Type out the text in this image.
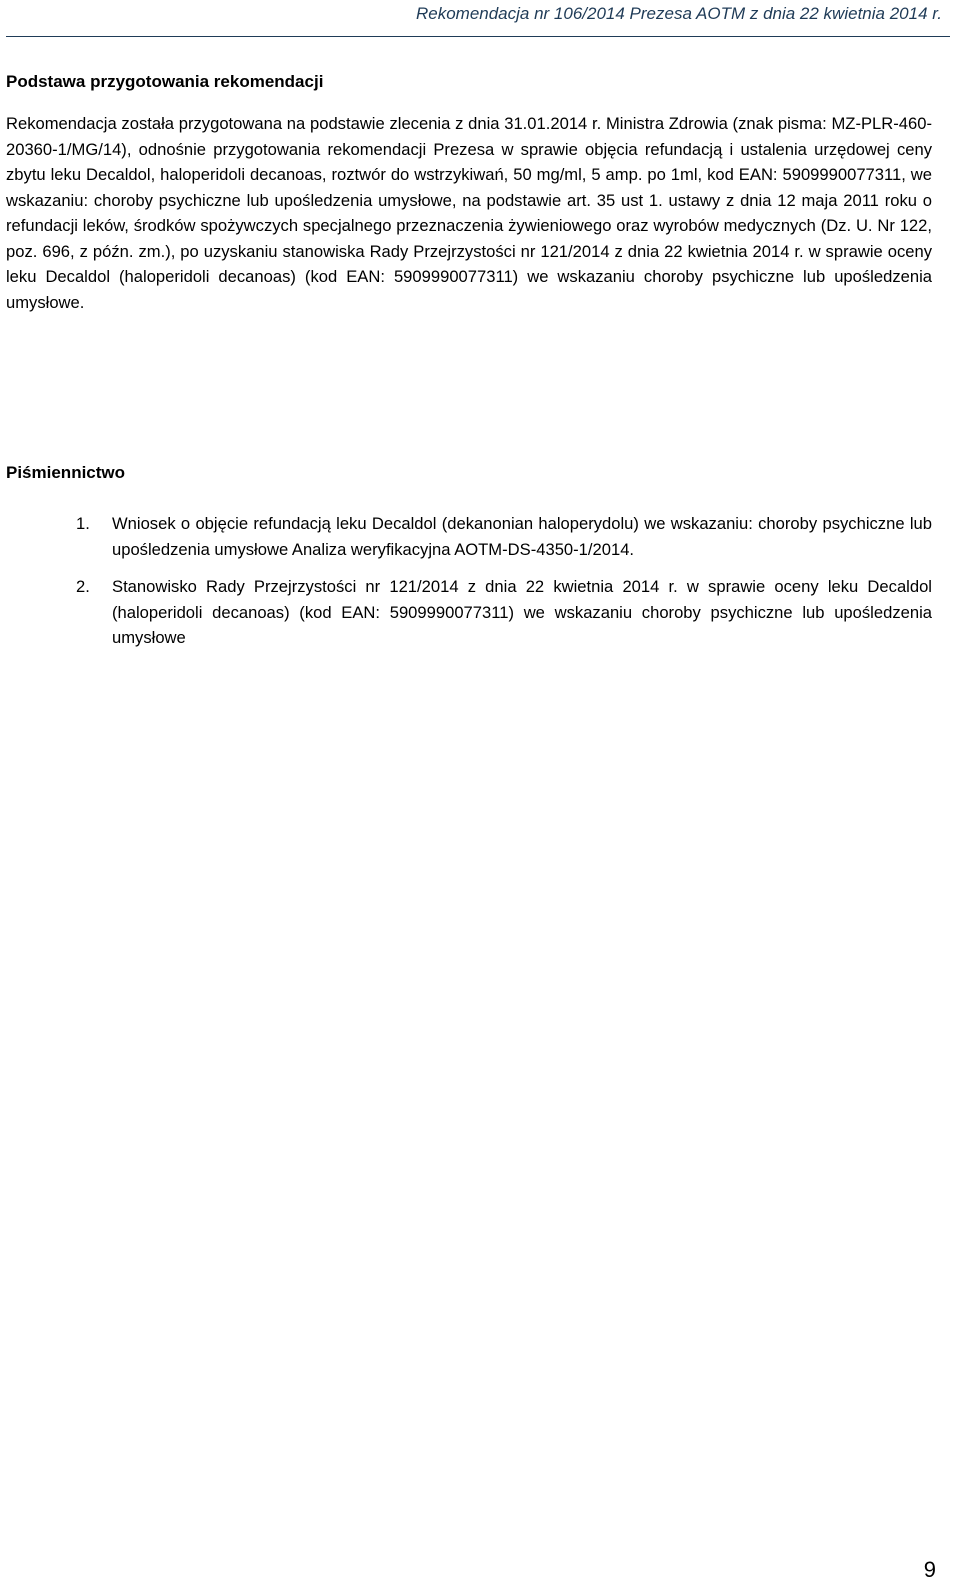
Rekomendacja nr 106/2014 Prezesa AOTM z dnia 22 kwietnia 2014 r.
Podstawa przygotowania rekomendacji

Rekomendacja została przygotowana na podstawie zlecenia z dnia 31.01.2014 r. Ministra Zdrowia (znak pisma: MZ-PLR-460-20360-1/MG/14), odnośnie przygotowania rekomendacji Prezesa w sprawie objęcia refundacją i ustalenia urzędowej ceny zbytu leku Decaldol, haloperidoli decanoas, roztwór do wstrzykiwań, 50 mg/ml, 5 amp. po 1ml, kod EAN: 5909990077311, we wskazaniu: choroby psychiczne lub upośledzenia umysłowe, na podstawie art. 35 ust 1. ustawy z dnia 12 maja 2011 roku o refundacji leków, środków spożywczych specjalnego przeznaczenia żywieniowego oraz wyrobów medycznych (Dz. U. Nr 122, poz. 696, z późn. zm.), po uzyskaniu stanowiska Rady Przejrzystości nr 121/2014 z dnia 22 kwietnia 2014 r. w sprawie oceny leku Decaldol (haloperidoli decanoas) (kod EAN: 5909990077311) we wskazaniu choroby psychiczne lub upośledzenia umysłowe.

Piśmiennictwo
1. Wniosek o objęcie refundacją leku Decaldol (dekanonian haloperydolu) we wskazaniu: choroby psychiczne lub upośledzenia umysłowe Analiza weryfikacyjna AOTM-DS-4350-1/2014.
2. Stanowisko Rady Przejrzystości nr 121/2014 z dnia 22 kwietnia 2014 r. w sprawie oceny leku Decaldol (haloperidoli decanoas) (kod EAN: 5909990077311) we wskazaniu choroby psychiczne lub upośledzenia umysłowe
9
